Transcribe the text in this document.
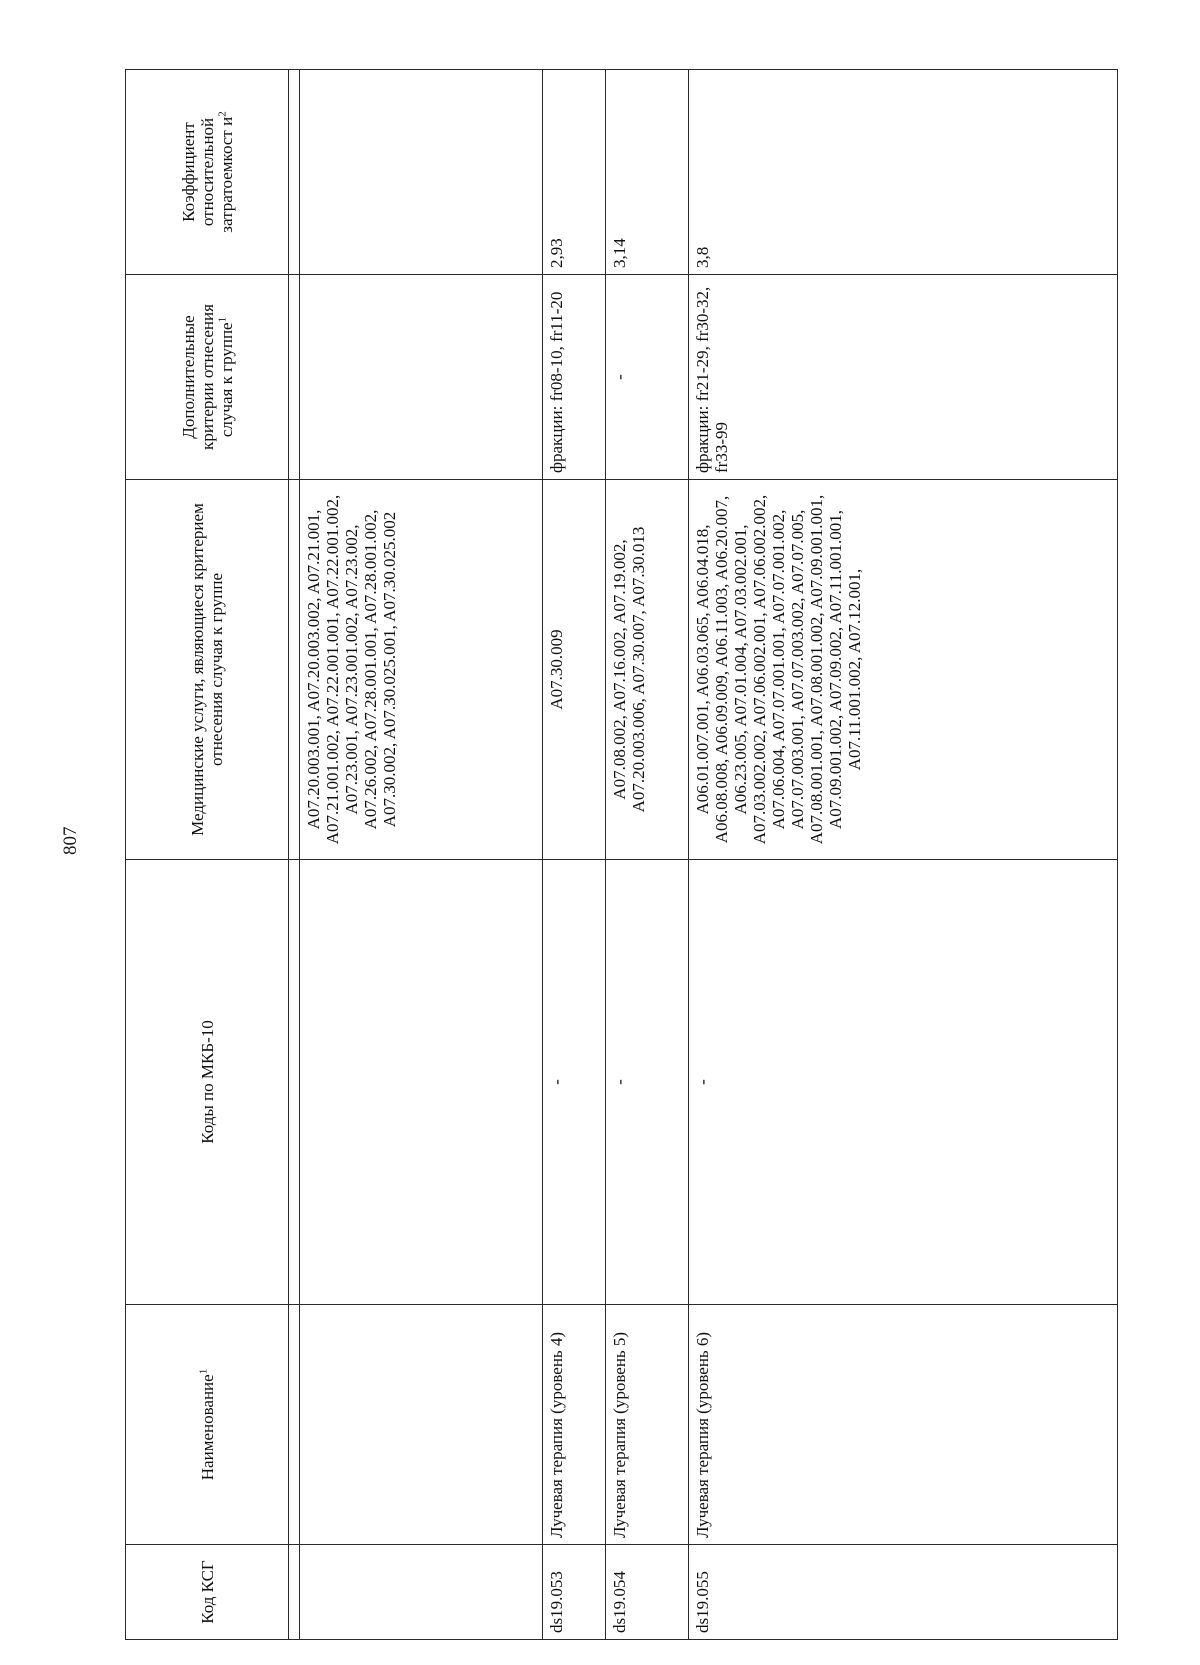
807
Код КСГ	Наименование$^1$	Коды по МКБ-10	Медицинские услуги, являющиеся критерием отнесения случая к группе	Дополнительные критерии отнесения случая к группе$^1$	Коэффициент относительной затратоемкост $и^2$

			A07.20.003.001, A07.20.003.002, A07.21.001, A07.21.001.002, A07.22.001.001, A07.22.001.002, A07.23.001, A07.23.001.002, A07.23.002, A07.26.002, A07.28.001.001, A07.28.001.002, A07.30.002, A07.30.025.001, A07.30.025.002		
ds19.053	Лучевая терапия (уровень 4)	-	A07.30.009	фракции: fr08-10, fr11-20	2,93
ds19.054	Лучевая терапия (уровень 5)	-	A07.08.002, A07.16.002, A07.19.002, A07.20.003.006, A07.30.007, A07.30.013	-	3,14
ds19.055	Лучевая терапия (уровень 6)	-	A06.01.007.001, A06.03.065, A06.04.018, A06.08.008, A06.09.009, A06.11.003, A06.20.007, A06.23.005, A07.01.004, A07.03.002.001, A07.03.002.002, A07.06.002.001, A07.06.002.002, A07.06.004, A07.07.001.001, A07.07.001.002, A07.07.003.001, A07.07.003.002, A07.07.005, A07.08.001.001, A07.08.001.002, A07.09.001.001, A07.09.001.002, A07.09.002, A07.11.001.001, A07.11.001.002, A07.12.001,	фракции: fr21-29, fr30-32, fr33-99	3,8
